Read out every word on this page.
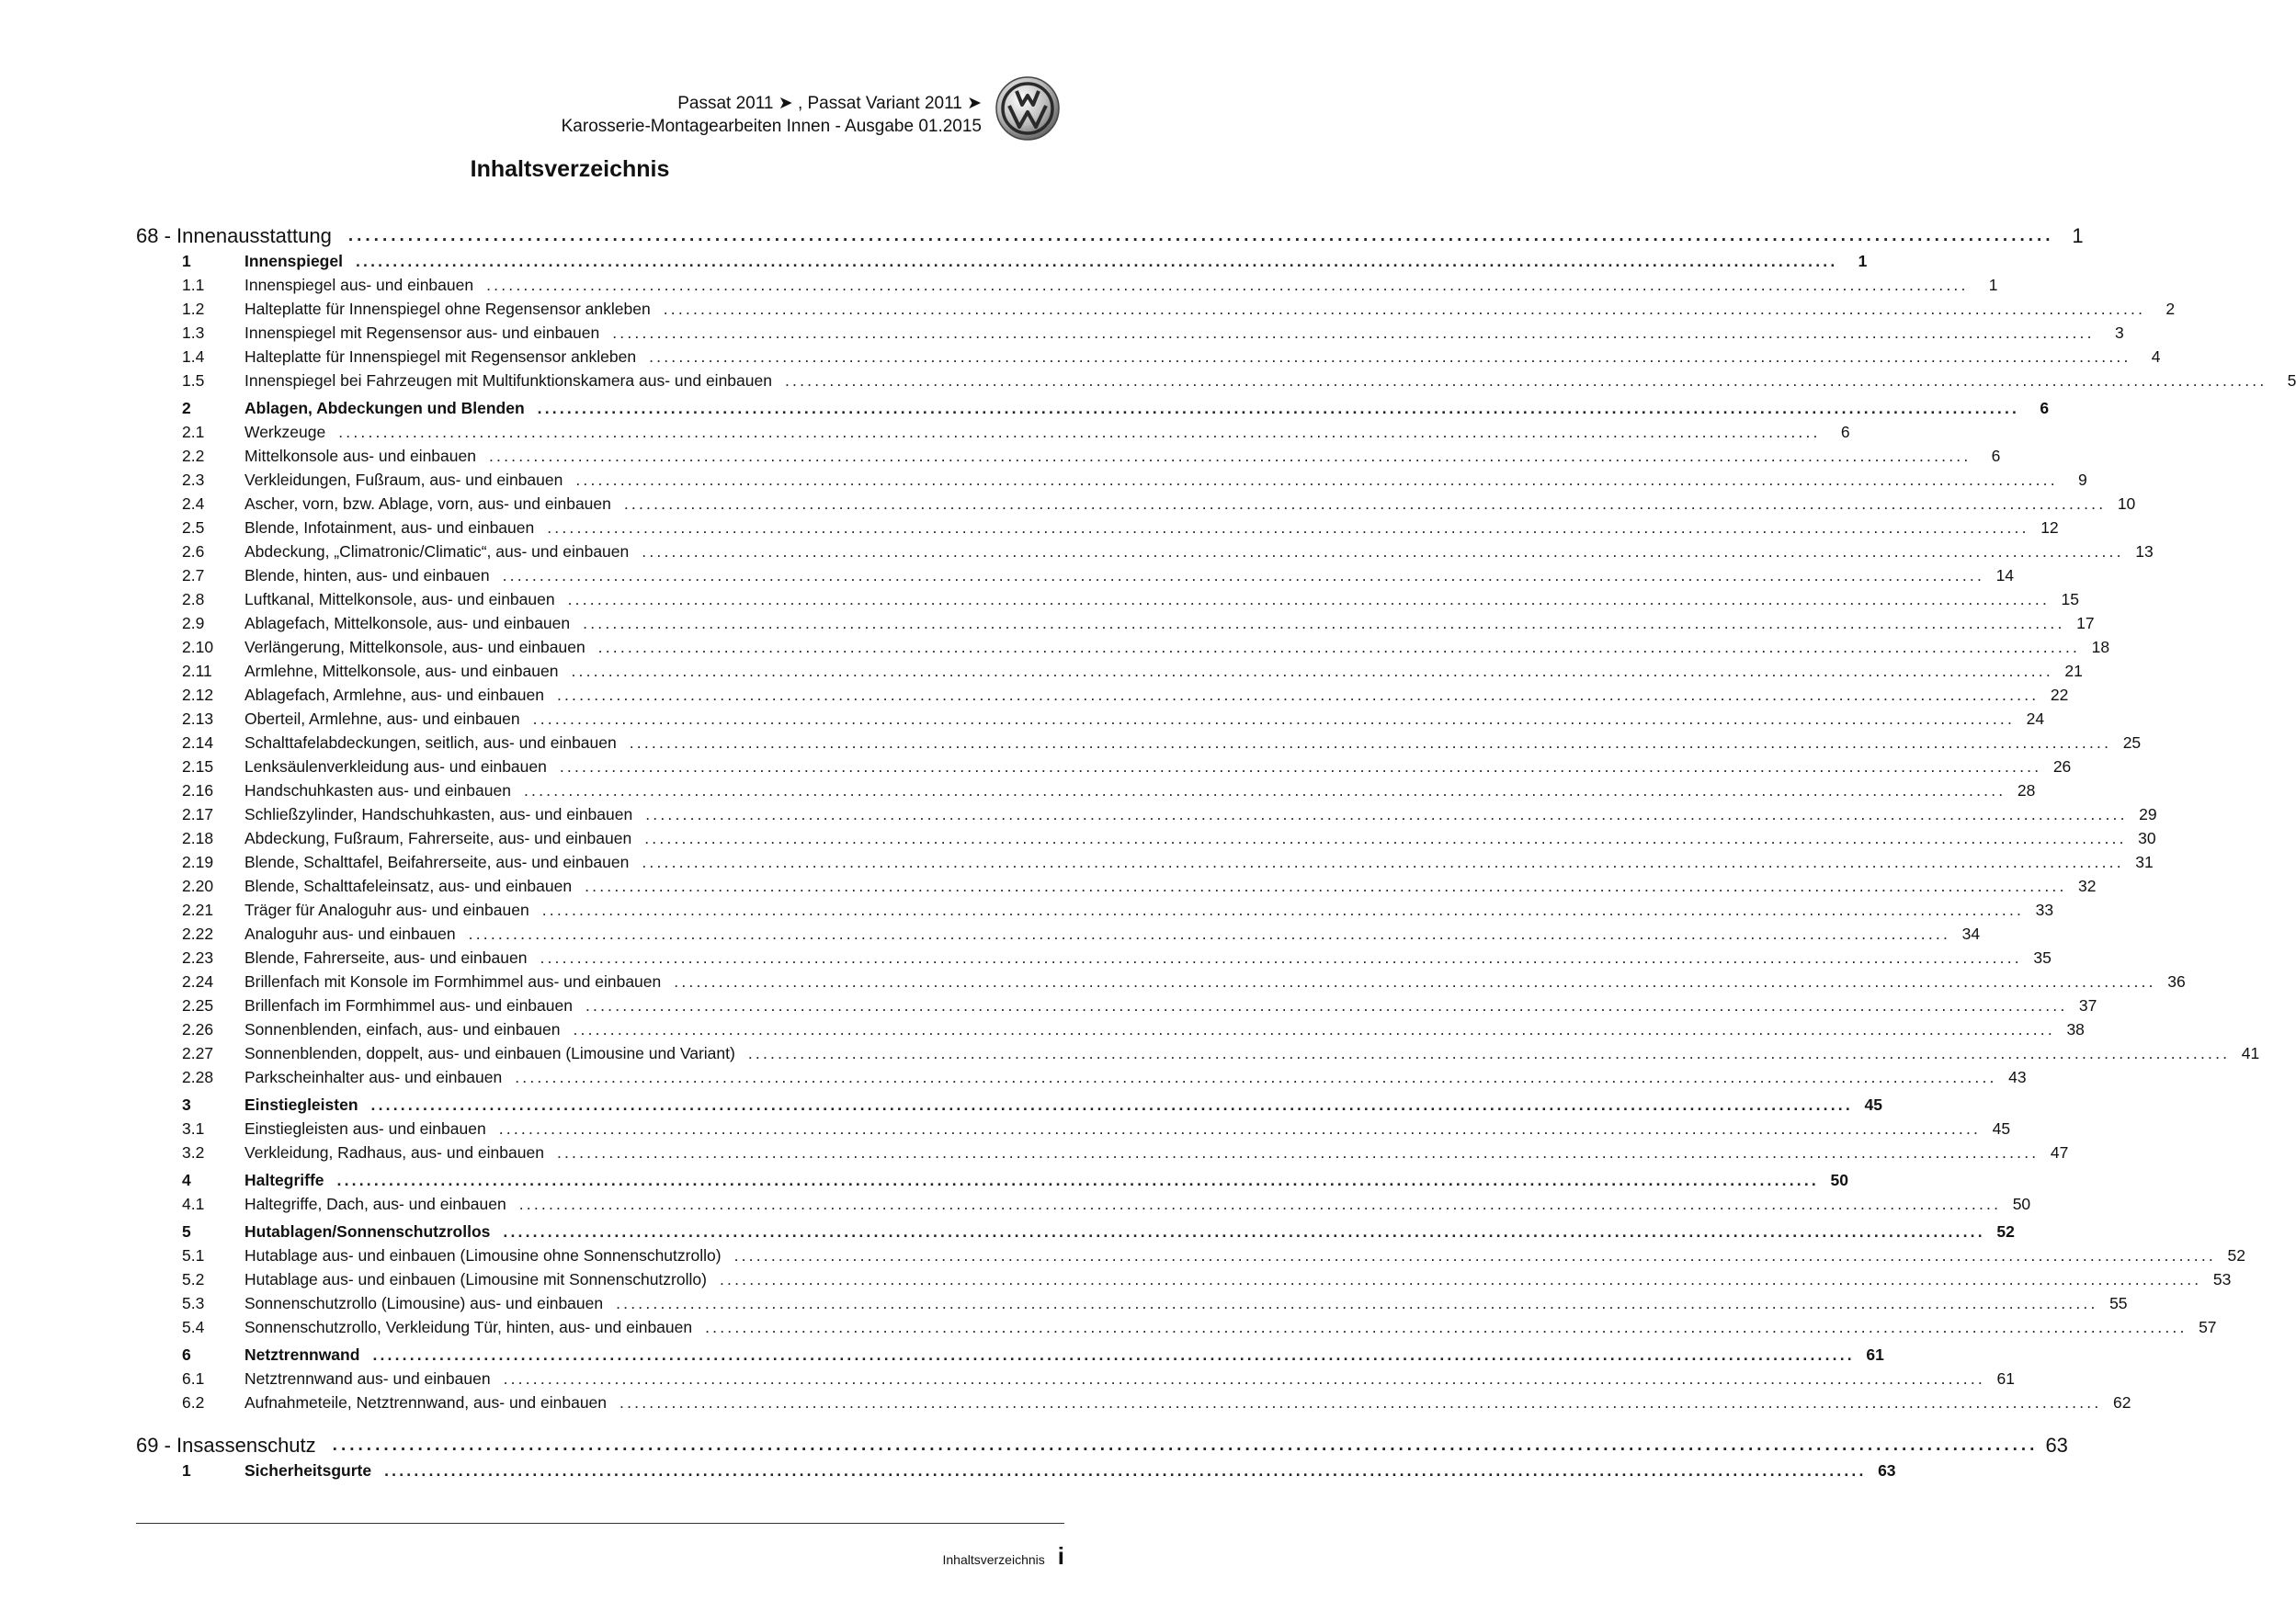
Passat 2011 ➤ , Passat Variant 2011 ➤
Karosserie-Montagearbeiten Innen - Ausgabe 01.2015
Inhaltsverzeichnis
68 - Innenausstattung ........................................................................................................................................................................................................ 1
1	Innenspiegel ........................................................................................................................................................................................................	1
1.1	Innenspiegel aus- und einbauen ........................................................................................................................................................................................................	1
1.2	Halteplatte für Innenspiegel ohne Regensensor ankleben ........................................................................................................................................................................................................	2
1.3	Innenspiegel mit Regensensor aus- und einbauen ........................................................................................................................................................................................................	3
1.4	Halteplatte für Innenspiegel mit Regensensor ankleben ........................................................................................................................................................................................................	4
1.5	Innenspiegel bei Fahrzeugen mit Multifunktionskamera aus- und einbauen ........................................................................................................................................................................................................	5
2	Ablagen, Abdeckungen und Blenden ........................................................................................................................................................................................................	6
2.1	Werkzeuge ........................................................................................................................................................................................................	6
2.2	Mittelkonsole aus- und einbauen ........................................................................................................................................................................................................	6
2.3	Verkleidungen, Fußraum, aus- und einbauen ........................................................................................................................................................................................................	9
2.4	Ascher, vorn, bzw. Ablage, vorn, aus- und einbauen ........................................................................................................................................................................................................ 10
2.5	Blende, Infotainment, aus- und einbauen ........................................................................................................................................................................................................ 12
2.6	Abdeckung, „Climatronic/Climatic“, aus- und einbauen ........................................................................................................................................................................................................ 13
2.7	Blende, hinten, aus- und einbauen ........................................................................................................................................................................................................ 14
2.8	Luftkanal, Mittelkonsole, aus- und einbauen ........................................................................................................................................................................................................ 15
2.9	Ablagefach, Mittelkonsole, aus- und einbauen ........................................................................................................................................................................................................ 17
2.10	Verlängerung, Mittelkonsole, aus- und einbauen ........................................................................................................................................................................................................ 18
2.11	Armlehne, Mittelkonsole, aus- und einbauen ........................................................................................................................................................................................................ 21
2.12	Ablagefach, Armlehne, aus- und einbauen ........................................................................................................................................................................................................ 22
2.13	Oberteil, Armlehne, aus- und einbauen ........................................................................................................................................................................................................ 24
2.14	Schalttafelabdeckungen, seitlich, aus- und einbauen ........................................................................................................................................................................................................ 25
2.15	Lenksäulenverkleidung aus- und einbauen ........................................................................................................................................................................................................ 26
2.16	Handschuhkasten aus- und einbauen ........................................................................................................................................................................................................ 28
2.17	Schließzylinder, Handschuhkasten, aus- und einbauen ........................................................................................................................................................................................................ 29
2.18	Abdeckung, Fußraum, Fahrerseite, aus- und einbauen ........................................................................................................................................................................................................ 30
2.19	Blende, Schalttafel, Beifahrerseite, aus- und einbauen ........................................................................................................................................................................................................ 31
2.20	Blende, Schalttafeleinsatz, aus- und einbauen ........................................................................................................................................................................................................ 32
2.21	Träger für Analoguhr aus- und einbauen ........................................................................................................................................................................................................ 33
2.22	Analoguhr aus- und einbauen ........................................................................................................................................................................................................ 34
2.23	Blende, Fahrerseite, aus- und einbauen ........................................................................................................................................................................................................ 35
2.24	Brillenfach mit Konsole im Formhimmel aus- und einbauen ........................................................................................................................................................................................................ 36
2.25	Brillenfach im Formhimmel aus- und einbauen ........................................................................................................................................................................................................ 37
2.26	Sonnenblenden, einfach, aus- und einbauen ........................................................................................................................................................................................................ 38
2.27	Sonnenblenden, doppelt, aus- und einbauen (Limousine und Variant) ........................................................................................................................................................................................................ 41
2.28	Parkscheinhalter aus- und einbauen ........................................................................................................................................................................................................ 43
3	Einstiegleisten ........................................................................................................................................................................................................ 45
3.1	Einstiegleisten aus- und einbauen ........................................................................................................................................................................................................ 45
3.2	Verkleidung, Radhaus, aus- und einbauen ........................................................................................................................................................................................................ 47
4	Haltegriffe ........................................................................................................................................................................................................ 50
4.1	Haltegriffe, Dach, aus- und einbauen ........................................................................................................................................................................................................ 50
5	Hutablagen/Sonnenschutzrollos ........................................................................................................................................................................................................ 52
5.1	Hutablage aus- und einbauen (Limousine ohne Sonnenschutzrollo) ........................................................................................................................................................................................................ 52
5.2	Hutablage aus- und einbauen (Limousine mit Sonnenschutzrollo) ........................................................................................................................................................................................................ 53
5.3	Sonnenschutzrollo (Limousine) aus- und einbauen ........................................................................................................................................................................................................ 55
5.4	Sonnenschutzrollo, Verkleidung Tür, hinten, aus- und einbauen ........................................................................................................................................................................................................ 57
6	Netztrennwand ........................................................................................................................................................................................................ 61
6.1	Netztrennwand aus- und einbauen ........................................................................................................................................................................................................ 61
6.2	Aufnahmeteile, Netztrennwand, aus- und einbauen ........................................................................................................................................................................................................ 62
69 - Insassenschutz ........................................................................................................................................................................................................ 63
1	Sicherheitsgurte ........................................................................................................................................................................................................ 63
Inhaltsverzeichnis i
